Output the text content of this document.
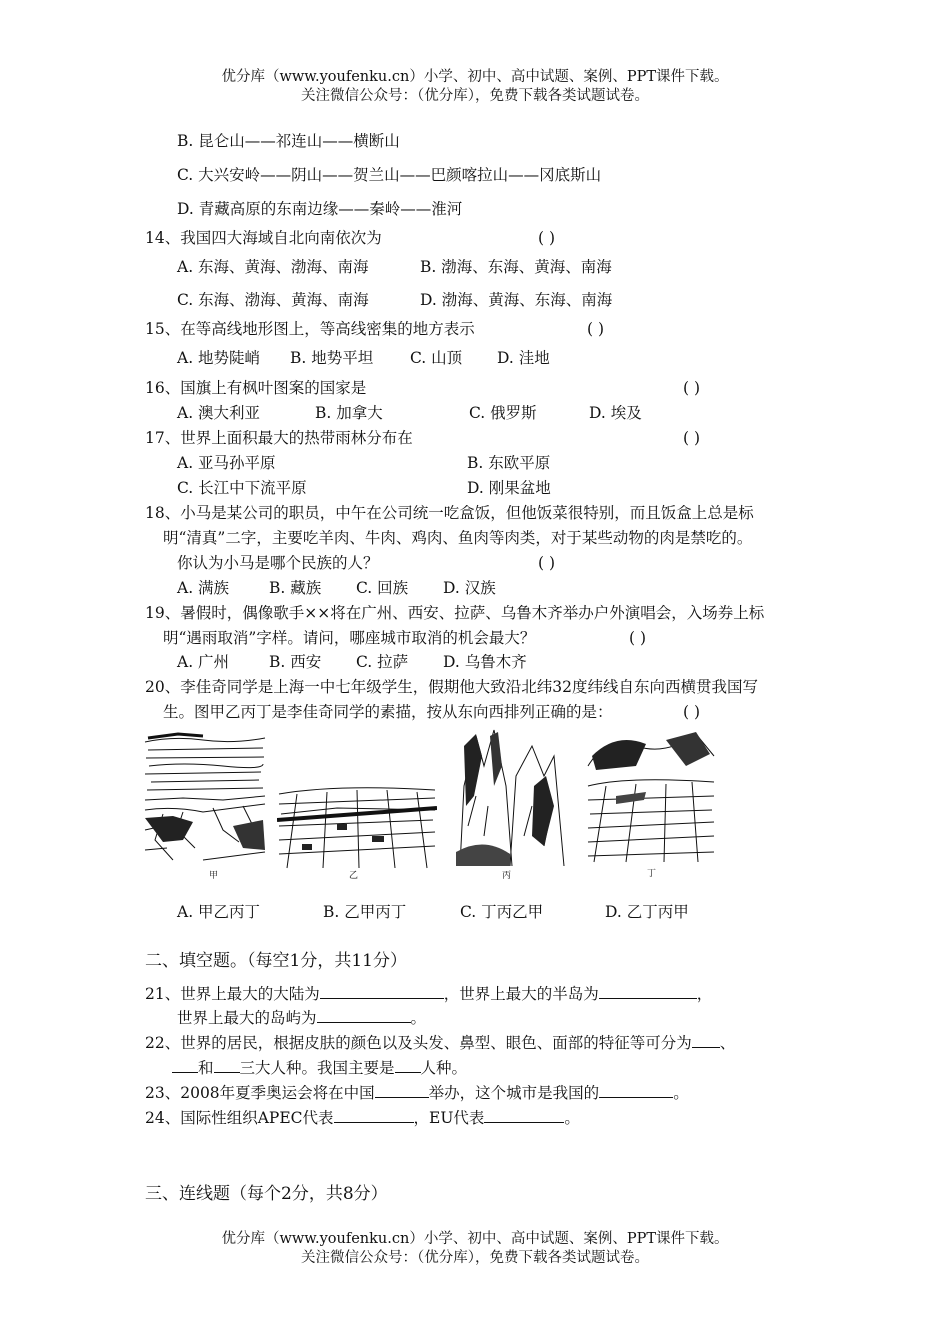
优分库（www.youfenku.cn）小学、初中、高中试题、案例、PPT课件下载。
关注微信公众号：（优分库），免费下载各类试题试卷。
B. 昆仑山——祁连山——横断山
C. 大兴安岭——阴山——贺兰山——巴颜喀拉山——冈底斯山
D. 青藏高原的东南边缘——秦岭——淮河
14、我国四大海域自北向南依次为	( )
A. 东海、黄海、渤海、南海	B. 渤海、东海、黄海、南海
C. 东海、渤海、黄海、南海	D. 渤海、黄海、东海、南海
15、在等高线地形图上，等高线密集的地方表示	( )
A. 地势陡峭 B. 地势平坦 C. 山顶 D. 洼地
16、国旗上有枫叶图案的国家是	( )
A. 澳大利亚	B. 加拿大	C. 俄罗斯	D. 埃及
17、世界上面积最大的热带雨林分布在	( )
A. 亚马孙平原	B. 东欧平原
C. 长江中下流平原	D. 刚果盆地
18、小马是某公司的职员，中午在公司统一吃盒饭，但他饭菜很特别，而且饭盒上总是标
明“清真”二字，主要吃羊肉、牛肉、鸡肉、鱼肉等肉类，对于某些动物的肉是禁吃的。
你认为小马是哪个民族的人？	( )
A. 满族	B. 藏族 C. 回族 D. 汉族
19、暑假时，偶像歌手××将在广州、西安、拉萨、乌鲁木齐举办户外演唱会，入场券上标
明“遇雨取消”字样。请问，哪座城市取消的机会最大？	( )
A. 广州	B. 西安 C. 拉萨 D. 乌鲁木齐
20、李佳奇同学是上海一中七年级学生，假期他大致沿北纬32度纬线自东向西横贯我国写
生。图甲乙丙丁是李佳奇同学的素描，按从东向西排列正确的是：	( )
甲	乙	丙	丁
A. 甲乙丙丁	B. 乙甲丙丁	C. 丁丙乙甲	D. 乙丁丙甲
二、填空题。（每空1分，共11分）
21、世界上最大的大陆为	，世界上最大的半岛为	，
世界上最大的岛屿为	。
22、世界的居民，根据皮肤的颜色以及头发、鼻型、眼色、面部的特征等可分为 、
和 三大人种。我国主要是 人种。
23、2008年夏季奥运会将在中国	举办，这个城市是我国的	。
24、国际性组织APEC代表	，EU代表	。
三、连线题（每个2分，共8分）
优分库（www.youfenku.cn）小学、初中、高中试题、案例、PPT课件下载。
关注微信公众号：（优分库），免费下载各类试题试卷。
